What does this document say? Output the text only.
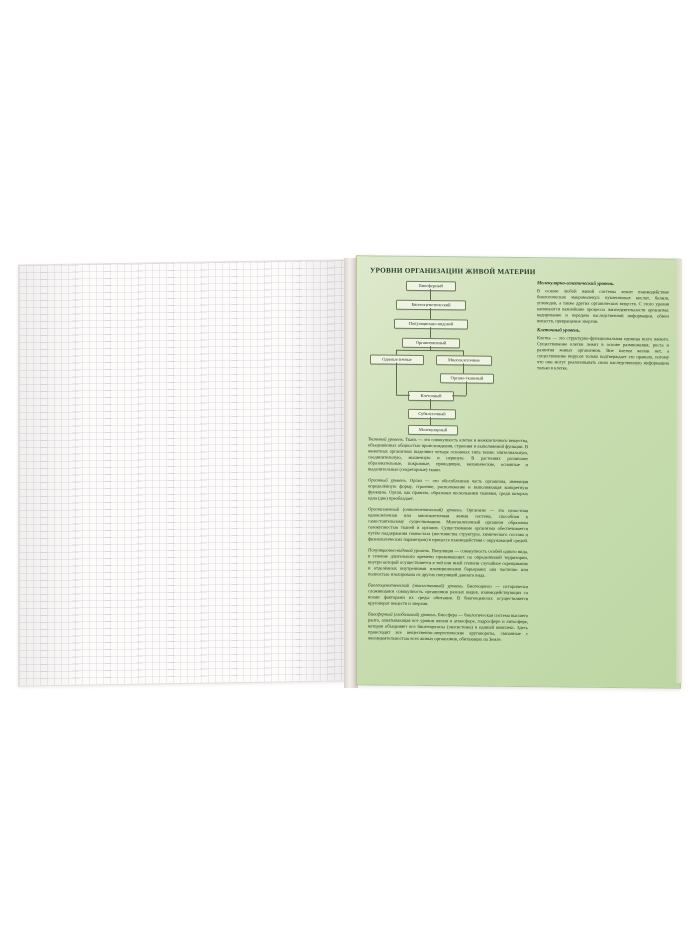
УРОВНИ ОРГАНИЗАЦИИ ЖИВОЙ МАТЕРИИ
Биосферный
Биогеоценотический
Популяционно-видовой
Организменный
Одноклеточные	Многоклеточные
Органо-тканевый
Клеточный
Субклеточный
Молекулярный

Тканевый уровень. Ткань — это совокупность клеток и межклеточного вещества, объединённых общностью происхождения, строения и выполняемой функции. В животных организмах выделяют четыре основных типа ткани: эпителиальную, соединительную, мышечную и нервную. В растениях различают образовательные, покровные, проводящие, механические, основные и выделительные (секреторные) ткани.

Органный уровень. Орган — это обособленная часть организма, имеющая определённую форму, строение, расположение и выполняющая конкретную функцию. Орган, как правило, образован несколькими тканями, среди которых одна (две) преобладает.

Организменный (онтогенетический) уровень. Организм — это целостная одноклеточная или многоклеточная живая система, способная к самостоятельному существованию. Многоклеточный организм образован совокупностью тканей и органов. Существование организма обеспечивается путём поддержания гомеостаза (постоянства структуры, химического состава и физиологических параметров) в процессе взаимодействия с окружающей средой.

Популяционно-видовой уровень. Популяция — совокупность особей одного вида, в течение длительного времени проживающих на определённой территории, внутри которой осуществляется в той или иной степени случайное скрещивание и отделённых внутренними изоляционными барьерами; она частично или полностью изолирована от других популяций данного вида.

Биогеоценотический (экосистемный) уровень. Биогеоценоз — исторически сложившаяся совокупность организмов разных видов, взаимодействующих со всеми факторами их среды обитания. В биогеоценозах осуществляется круговорот веществ и энергии.

Биосферный (глобальный) уровень. Биосфера — биологическая система высшего ранга, охватывающая все уровни жизни в атмосфере, гидросфере и литосфере, которая объединяет все биогеоценозы (экосистемы) в единый комплекс. Здесь происходят все вещественно-энергетические круговороты, связанные с жизнедеятельностью всех живых организмов, обитающих на Земле.

Молекулярно-генетический уровень.

В основе любой живой системы лежит взаимодействие биологических макромолекул: нуклеиновых кислот, белков, углеводов, а также других органических веществ. С этого уровня начинаются важнейшие процессы жизнедеятельности организма: кодирование и передача наследственной информации, обмен веществ, превращение энергии.

Клеточный уровень.

Клетка — это структурно-функциональная единица всего живого. Существование клетки лежит в основе размножения, роста и развития живых организмов. Вне клетки жизни нет, а существование вирусов только подтверждает это правило, потому что они могут реализовывать свою наследственную информацию только в клетке.
